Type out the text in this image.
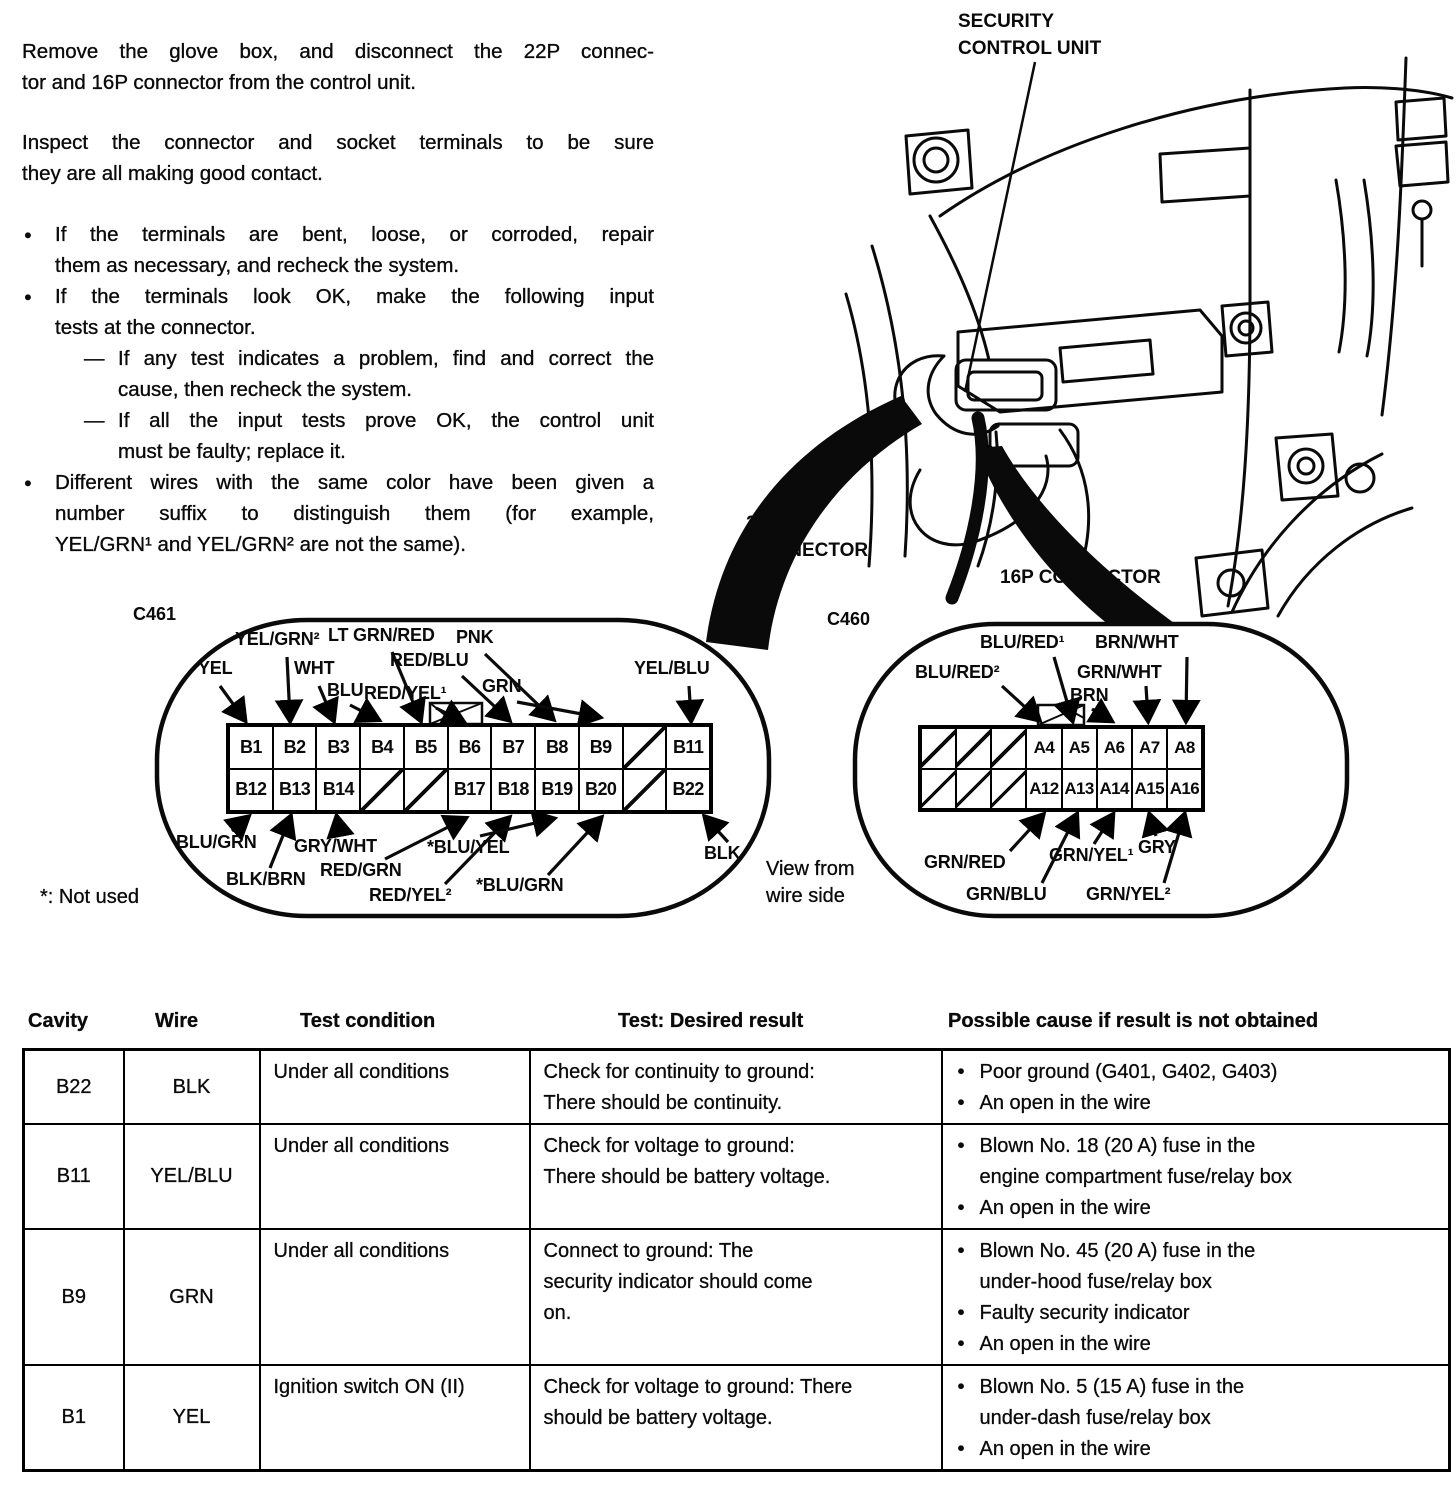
Remove the glove box, and disconnect the 22P connec-
tor and 16P connector from the control unit.
Inspect the connector and socket terminals to be sure
they are all making good contact.
● If the terminals are bent, loose, or corroded, repair
them as necessary, and recheck the system.
● If the terminals look OK, make the following input
tests at the connector.
— If any test indicates a problem, find and correct the
cause, then recheck the system.
— If all the input tests prove OK, the control unit
must be faulty; replace it.
● Different wires with the same color have been given a
number suffix to distinguish them (for example,
YEL/GRN¹ and YEL/GRN² are not the same).
SECURITY
CONTROL UNIT
22P
CONNECTOR
16P CONNECTOR
C461	C460
View from
wire side
*: Not used
B1	B2	B3	B4	B5	B6	B7	B8	B9	B11
B12 B13 B14	B17 B18 B19 B20	B22
A4 A5 A6 A7 A8
A12 A13 A14 A15 A16
YEL
YEL/GRN²
WHT
BLU
LT GRN/RED
RED/YEL¹
RED/BLU
PNK
GRN
YEL/BLU
BLU/GRN
BLK/BRN
GRY/WHT
RED/GRN
RED/YEL²
*BLU/YEL
*BLU/GRN
BLK
BLU/RED²
BLU/RED¹
BRN
GRN/WHT
BRN/WHT
GRN/RED
GRN/BLU
GRN/YEL¹ GRY
GRN/YEL²
Cavity	Wire	Test condition	Test: Desired result	Possible cause if result is not obtained
B22	BLK	Under all conditions	Check for continuity to ground:
There should be continuity.

• Poor ground (G401, G402, G403)
• An open in the wire

B11	YEL/BLU	Under all conditions	Check for voltage to ground:
There should be battery voltage.

• Blown No. 18 (20 A) fuse in the
engine compartment fuse/relay box
• An open in the wire

B9	GRN	Under all conditions	Connect to ground: The
security indicator should come
on.

• Blown No. 45 (20 A) fuse in the
under-hood fuse/relay box
• Faulty security indicator
• An open in the wire

B1	YEL	Ignition switch ON (II)	Check for voltage to ground: There
should be battery voltage.

• Blown No. 5 (15 A) fuse in the
under-dash fuse/relay box
• An open in the wire
